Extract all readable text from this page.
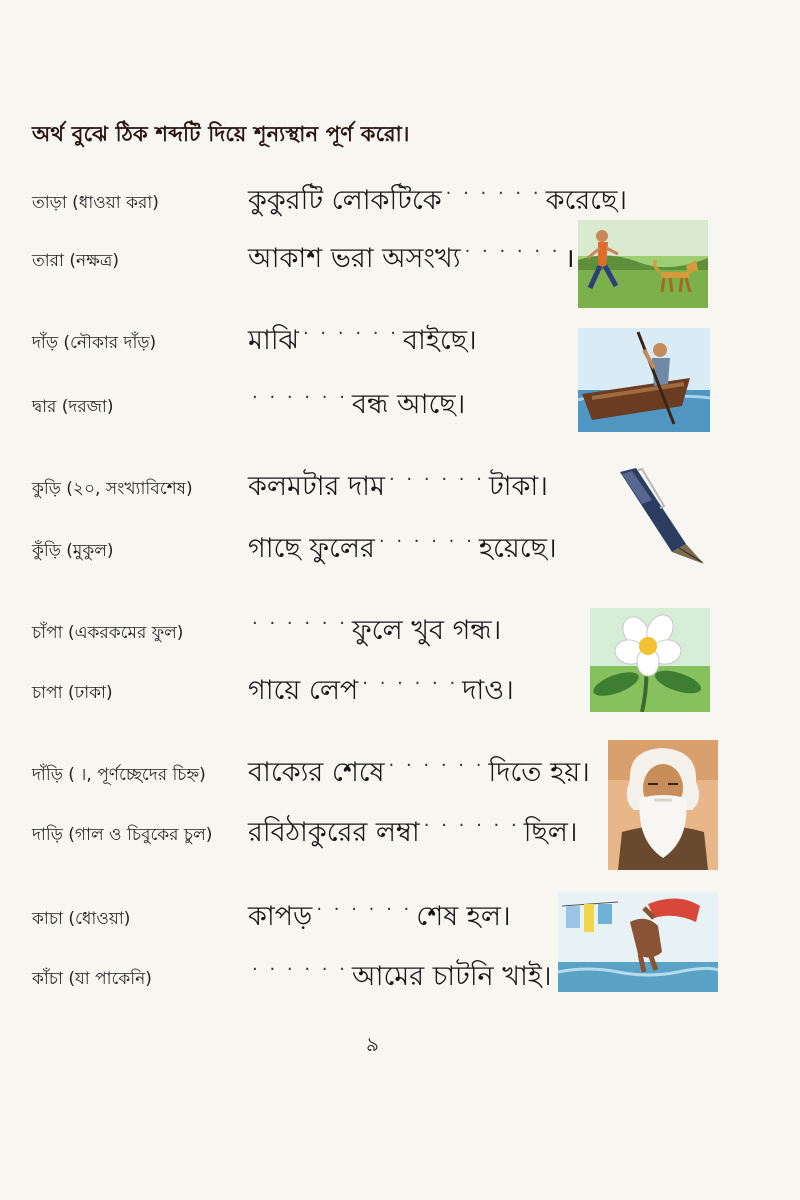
অর্থ বুঝে ঠিক শব্দটি দিয়ে শূন্যস্থান পূর্ণ করো।
তাড়া (ধাওয়া করা)	কুকুরটি লোকটিকে · · · · · · করেছে।
তারা (নক্ষত্র)	আকাশ ভরা অসংখ্য · · · · · · ।
দাঁড় (নৌকার দাঁড়)	মাঝি · · · · · · বাইছে।
দ্বার (দরজা)	· · · · · · বন্ধ আছে।
কুড়ি (২০, সংখ্যাবিশেষ) কলমটার দাম · · · · · · টাকা।
কুঁড়ি (মুকুল)	গাছে ফুলের · · · · · · হয়েছে।
চাঁপা (একরকমের ফুল)	· · · · · · ফুলে খুব গন্ধ।
চাপা (ঢাকা)	গায়ে লেপ · · · · · · দাও।
দাঁড়ি ( ।, পূর্ণচ্ছেদের চিহ্ন) বাক্যের শেষে · · · · · · দিতে হয়।
দাড়ি (গাল ও চিবুকের চুল) রবিঠাকুরের লম্বা · · · · · · ছিল।
কাচা (ধোওয়া)	কাপড় · · · · · · শেষ হল।
কাঁচা (যা পাকেনি)	· · · · · · আমের চাটনি খাই।
৯
